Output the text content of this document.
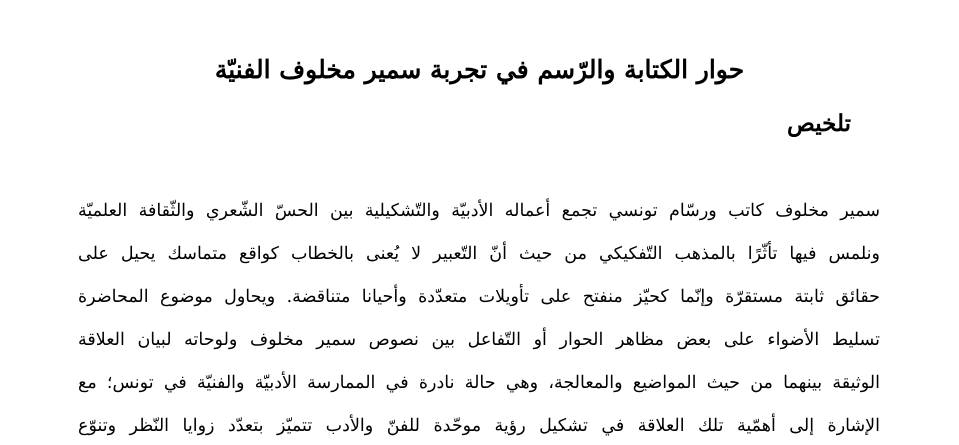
حوار الكتابة والرّسم في تجربة سمير مخلوف الفنيّة
تلخيص
سمير مخلوف كاتب ورسّام تونسي تجمع أعماله الأدبيّة والتّشكيلية بين الحسّ الشّعري والثّقافة العلميّة
ونلمس فيها تأثّرًا بالمذهب التّفكيكي من حيث أنّ التّعبير لا يُعنى بالخطاب كواقع متماسك يحيل على
حقائق ثابتة مستقرّة وإنّما كحيّز منفتح على تأويلات متعدّدة وأحيانا متناقضة. ويحاول موضوع المحاضرة
تسليط الأضواء على بعض مظاهر الحوار أو التّفاعل بين نصوص سمير مخلوف ولوحاته لبيان العلاقة
الوثيقة بينهما من حيث المواضيع والمعالجة، وهي حالة نادرة في الممارسة الأدبيّة والفنيّة في تونس؛ مع
الإشارة إلى أهمّية تلك العلاقة في تشكيل رؤية موحّدة للفنّ والأدب تتميّز بتعدّد زوايا النّظر وتنوّع
